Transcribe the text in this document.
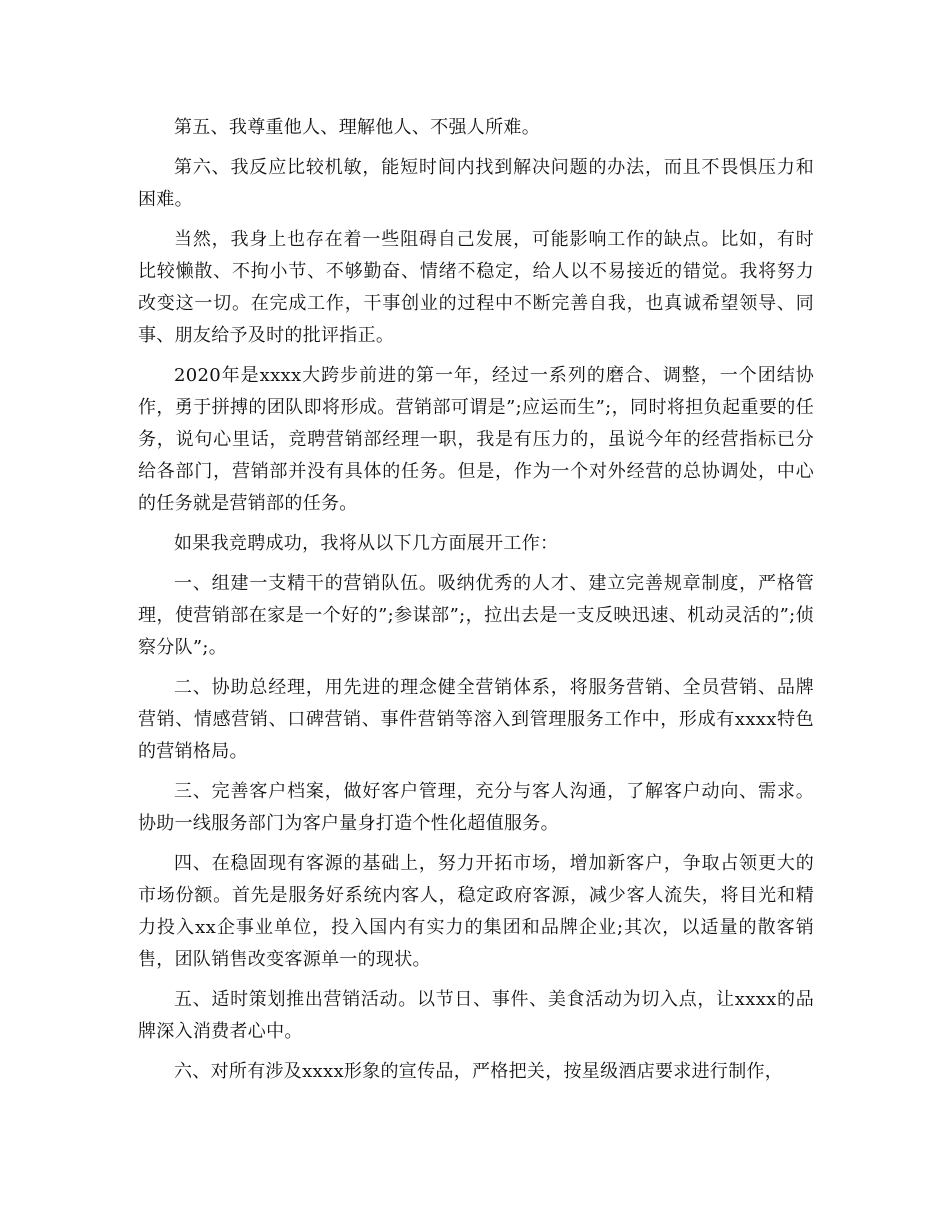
第五、我尊重他人、理解他人、不强人所难。

第六、我反应比较机敏，能短时间内找到解决问题的办法，而且不畏惧压力和困难。

当然，我身上也存在着一些阻碍自己发展，可能影响工作的缺点。比如，有时比较懒散、不拘小节、不够勤奋、情绪不稳定，给人以不易接近的错觉。我将努力改变这一切。在完成工作，干事创业的过程中不断完善自我，也真诚希望领导、同事、朋友给予及时的批评指正。

2020年是xxxx大跨步前进的第一年，经过一系列的磨合、调整，一个团结协作，勇于拼搏的团队即将形成。营销部可谓是”;应运而生”;，同时将担负起重要的任务，说句心里话，竞聘营销部经理一职，我是有压力的，虽说今年的经营指标已分给各部门，营销部并没有具体的任务。但是，作为一个对外经营的总协调处，中心的任务就是营销部的任务。

如果我竞聘成功，我将从以下几方面展开工作：

一、组建一支精干的营销队伍。吸纳优秀的人才、建立完善规章制度，严格管理，使营销部在家是一个好的”;参谋部”;，拉出去是一支反映迅速、机动灵活的”;侦察分队”;。

二、协助总经理，用先进的理念健全营销体系，将服务营销、全员营销、品牌营销、情感营销、口碑营销、事件营销等溶入到管理服务工作中，形成有xxxx特色的营销格局。

三、完善客户档案，做好客户管理，充分与客人沟通，了解客户动向、需求。协助一线服务部门为客户量身打造个性化超值服务。

四、在稳固现有客源的基础上，努力开拓市场，增加新客户，争取占领更大的市场份额。首先是服务好系统内客人，稳定政府客源，减少客人流失，将目光和精力投入xx企事业单位，投入国内有实力的集团和品牌企业;其次，以适量的散客销售，团队销售改变客源单一的现状。

五、适时策划推出营销活动。以节日、事件、美食活动为切入点，让xxxx的品牌深入消费者心中。

六、对所有涉及xxxx形象的宣传品，严格把关，按星级酒店要求进行制作，
